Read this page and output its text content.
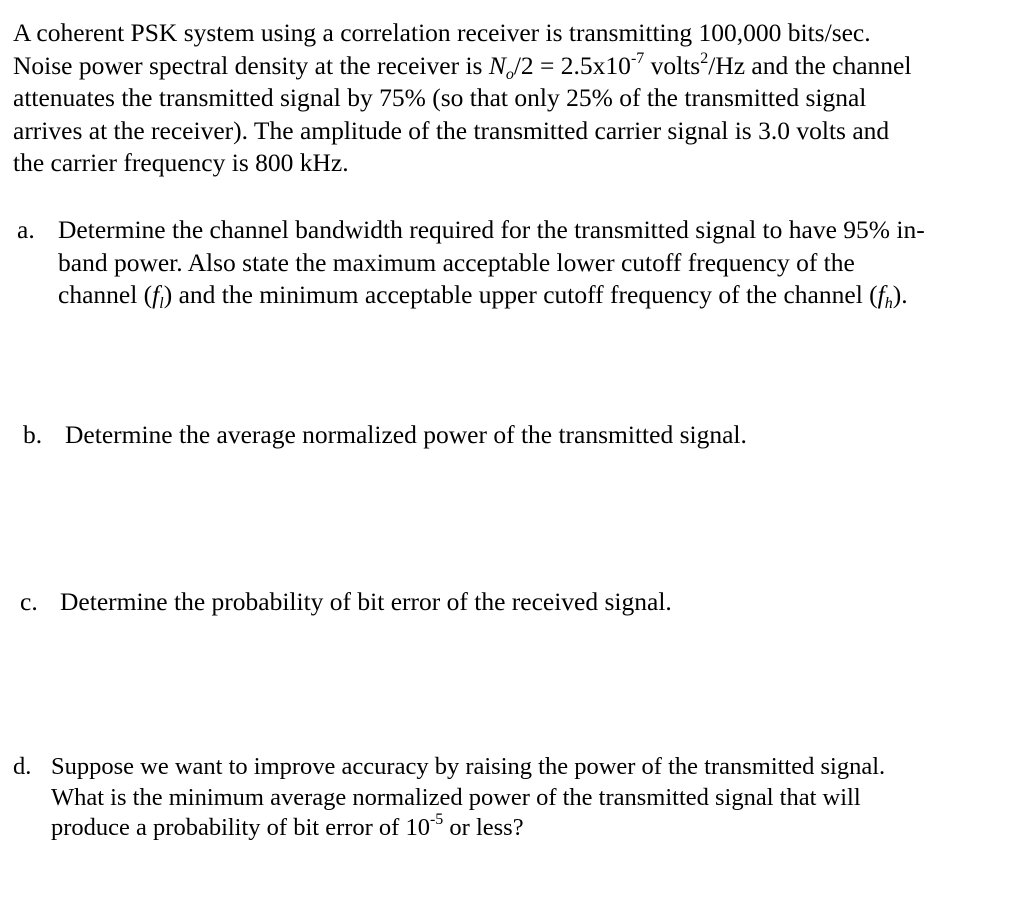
A coherent PSK system using a correlation receiver is transmitting 100,000 bits/sec.
Noise power spectral density at the receiver is $N_o/2 = 2.5x10^{-7}$ volts$^2$/Hz and the channel
attenuates the transmitted signal by 75% (so that only 25% of the transmitted signal
arrives at the receiver). The amplitude of the transmitted carrier signal is 3.0 volts and
the carrier frequency is 800 kHz.
a. Determine the channel bandwidth required for the transmitted signal to have 95% in-
band power. Also state the maximum acceptable lower cutoff frequency of the
channel $(f_l)$ and the minimum acceptable upper cutoff frequency of the channel $(f_h)$.
b. Determine the average normalized power of the transmitted signal.
c. Determine the probability of bit error of the received signal.
d. Suppose we want to improve accuracy by raising the power of the transmitted signal.
What is the minimum average normalized power of the transmitted signal that will
produce a probability of bit error of $10^{-5}$ or less?
